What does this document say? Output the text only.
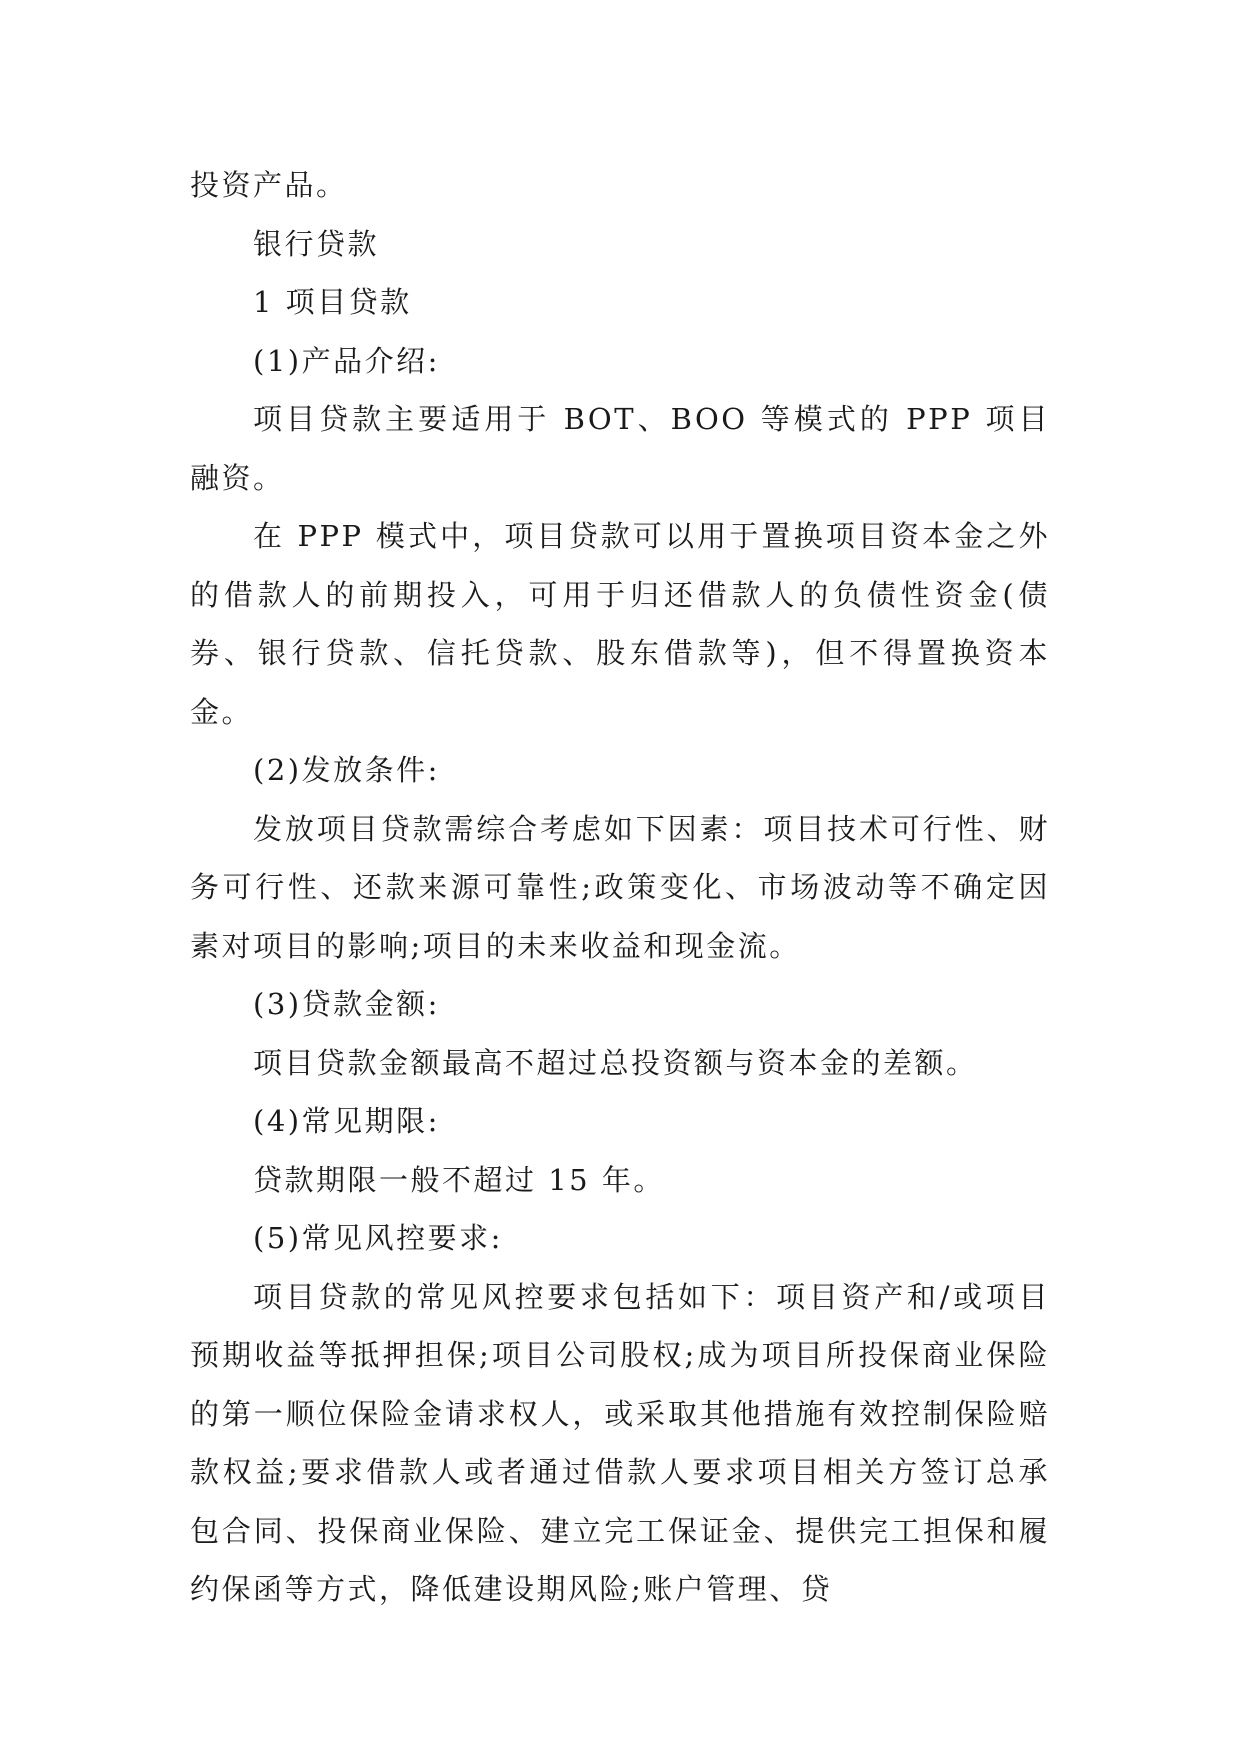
投资产品。

银行贷款

1 项目贷款

(1)产品介绍:

项目贷款主要适用于 BOT、BOO 等模式的 PPP 项目融资。

在 PPP 模式中，项目贷款可以用于置换项目资本金之外的借款人的前期投入，可用于归还借款人的负债性资金(债券、银行贷款、信托贷款、股东借款等)，但不得置换资本金。

(2)发放条件:

发放项目贷款需综合考虑如下因素：项目技术可行性、财务可行性、还款来源可靠性;政策变化、市场波动等不确定因素对项目的影响;项目的未来收益和现金流。

(3)贷款金额:

项目贷款金额最高不超过总投资额与资本金的差额。

(4)常见期限:

贷款期限一般不超过 15 年。

(5)常见风控要求:

项目贷款的常见风控要求包括如下：项目资产和/或项目预期收益等抵押担保;项目公司股权;成为项目所投保商业保险的第一顺位保险金请求权人，或采取其他措施有效控制保险赔款权益;要求借款人或者通过借款人要求项目相关方签订总承包合同、投保商业保险、建立完工保证金、提供完工担保和履约保函等方式，降低建设期风险;账户管理、贷
